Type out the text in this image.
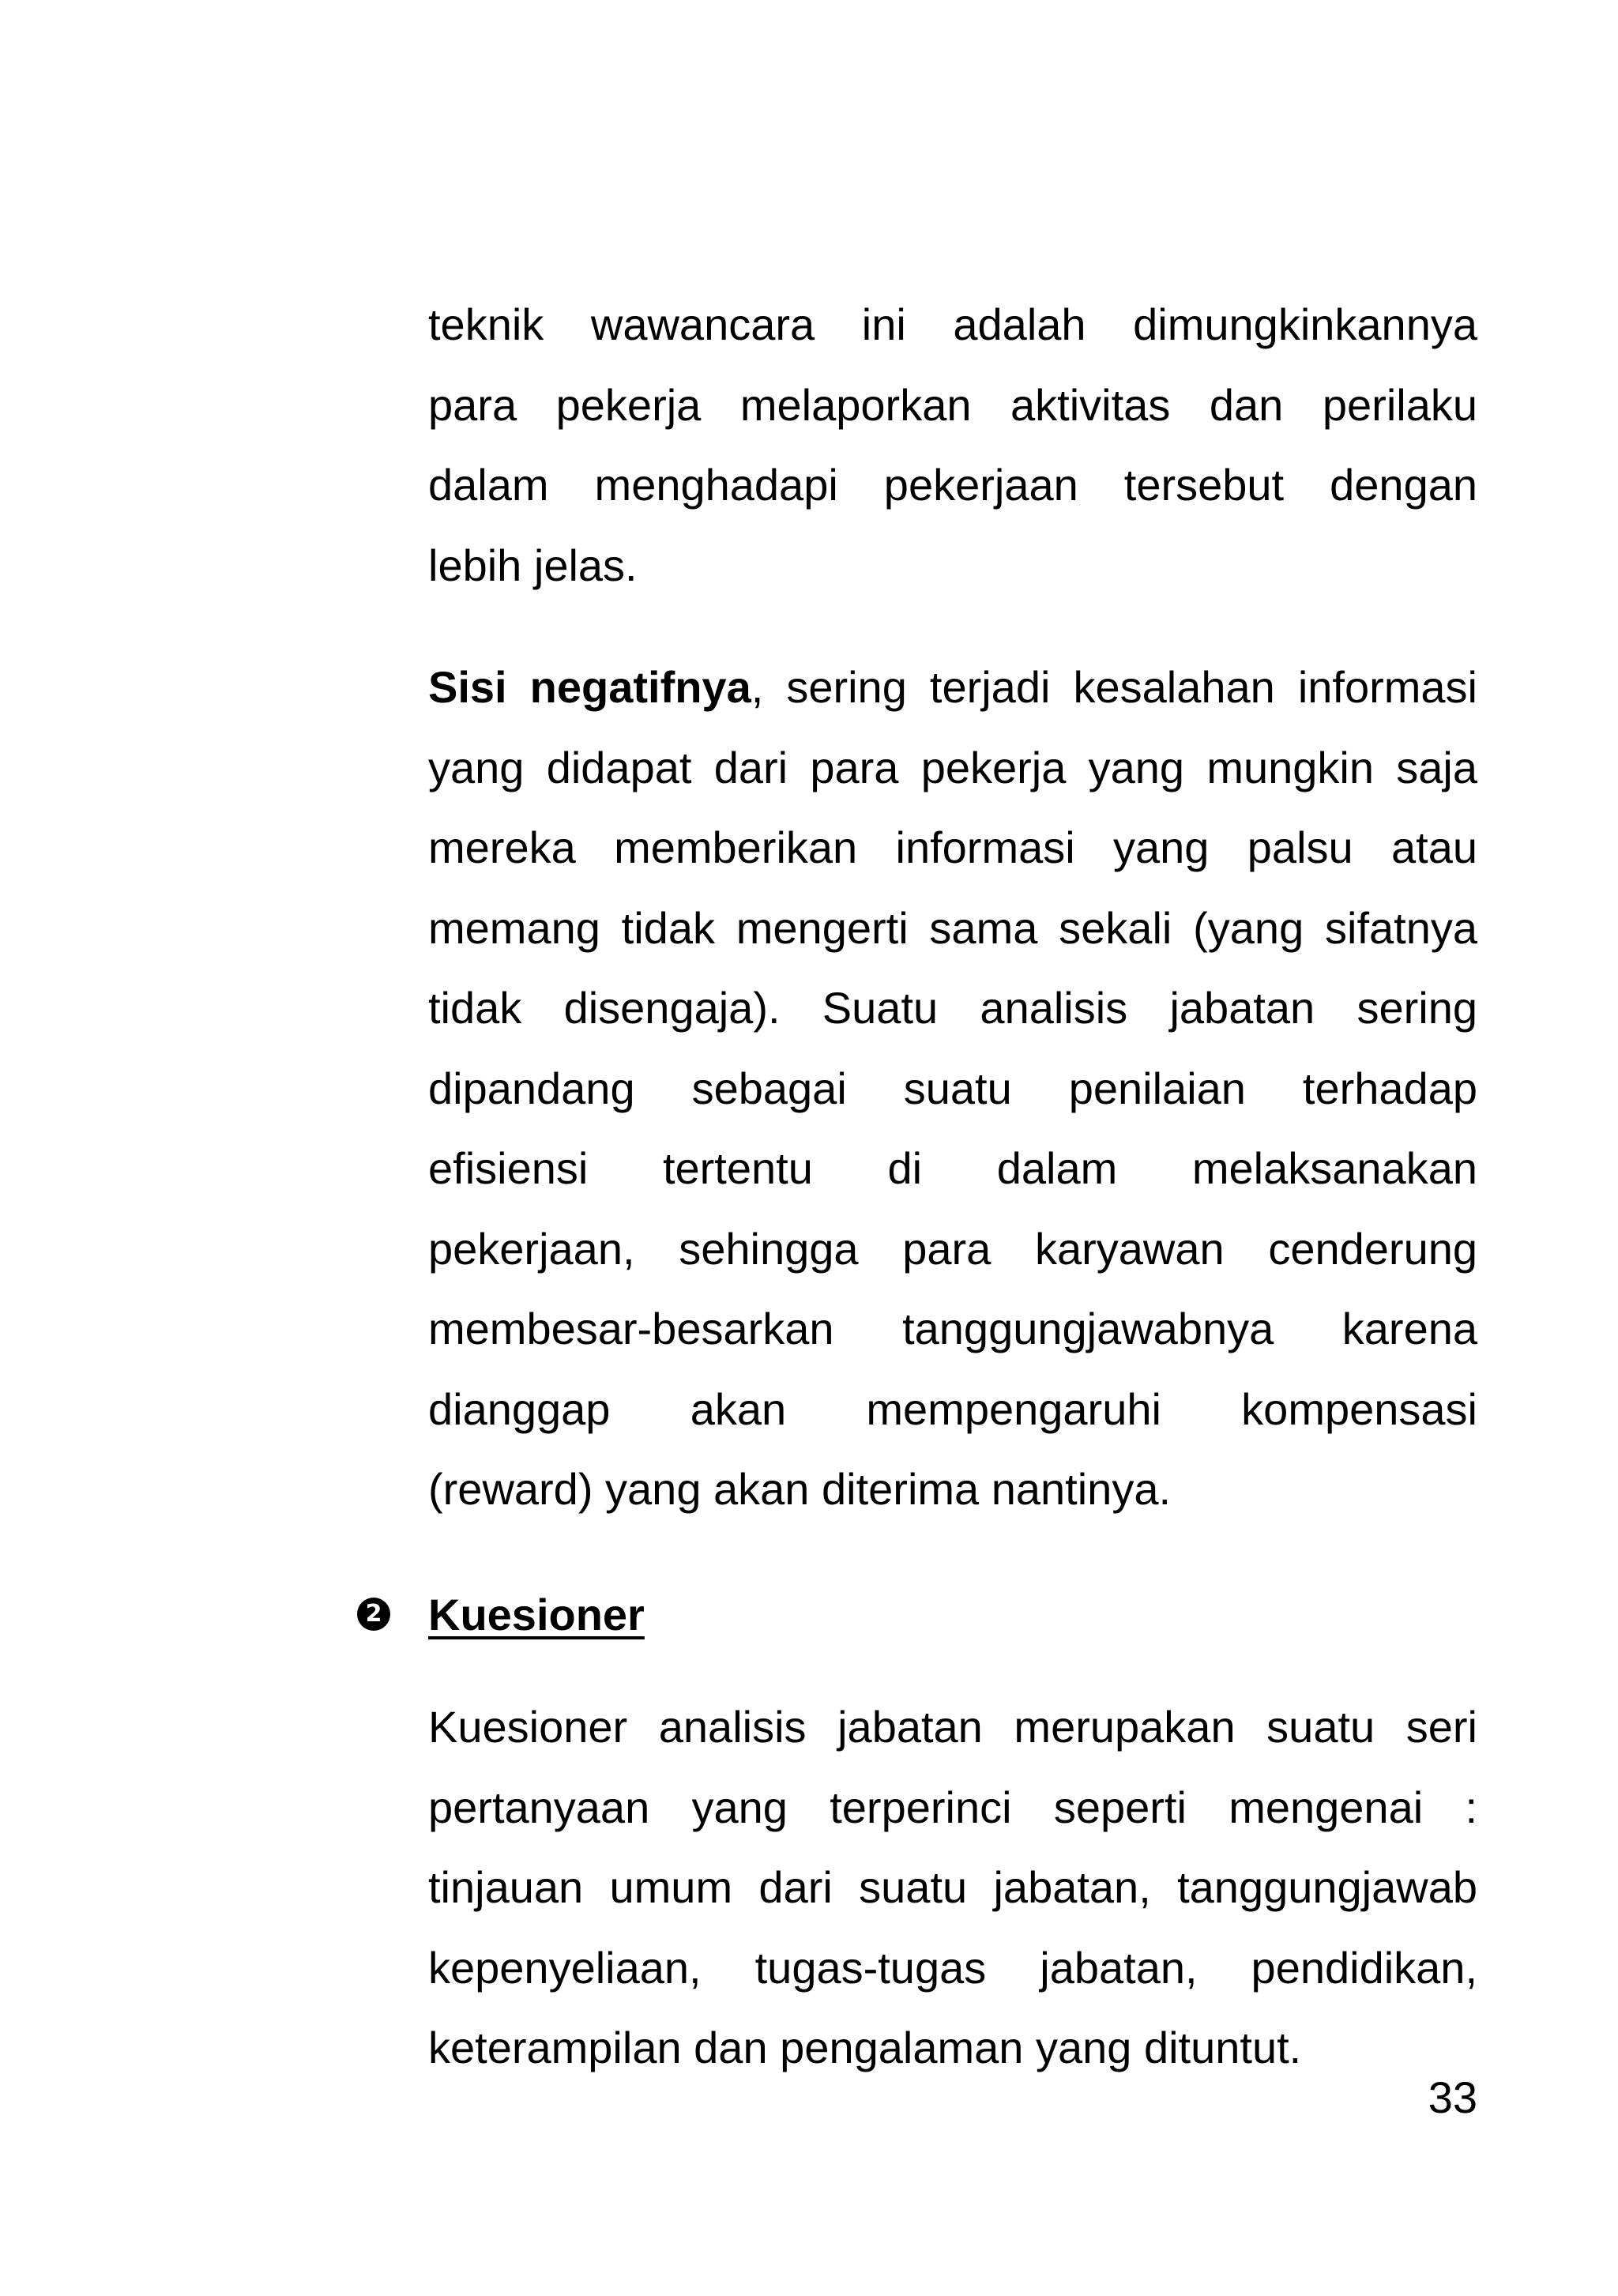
teknik wawancara ini adalah dimungkinkannya
para pekerja melaporkan aktivitas dan perilaku
dalam menghadapi pekerjaan tersebut dengan
lebih jelas.
Sisi negatifnya, sering terjadi kesalahan informasi
yang didapat dari para pekerja yang mungkin saja
mereka memberikan informasi yang palsu atau
memang tidak mengerti sama sekali (yang sifatnya
tidak disengaja). Suatu analisis jabatan sering
dipandang sebagai suatu penilaian terhadap
efisiensi tertentu di dalam melaksanakan
pekerjaan, sehingga para karyawan cenderung
membesar-besarkan tanggungjawabnya karena
dianggap akan mempengaruhi kompensasi
(reward) yang akan diterima nantinya.
2 Kuesioner
Kuesioner analisis jabatan merupakan suatu seri
pertanyaan yang terperinci seperti mengenai :
tinjauan umum dari suatu jabatan, tanggungjawab
kepenyeliaan, tugas-tugas jabatan, pendidikan,
keterampilan dan pengalaman yang dituntut.
33
